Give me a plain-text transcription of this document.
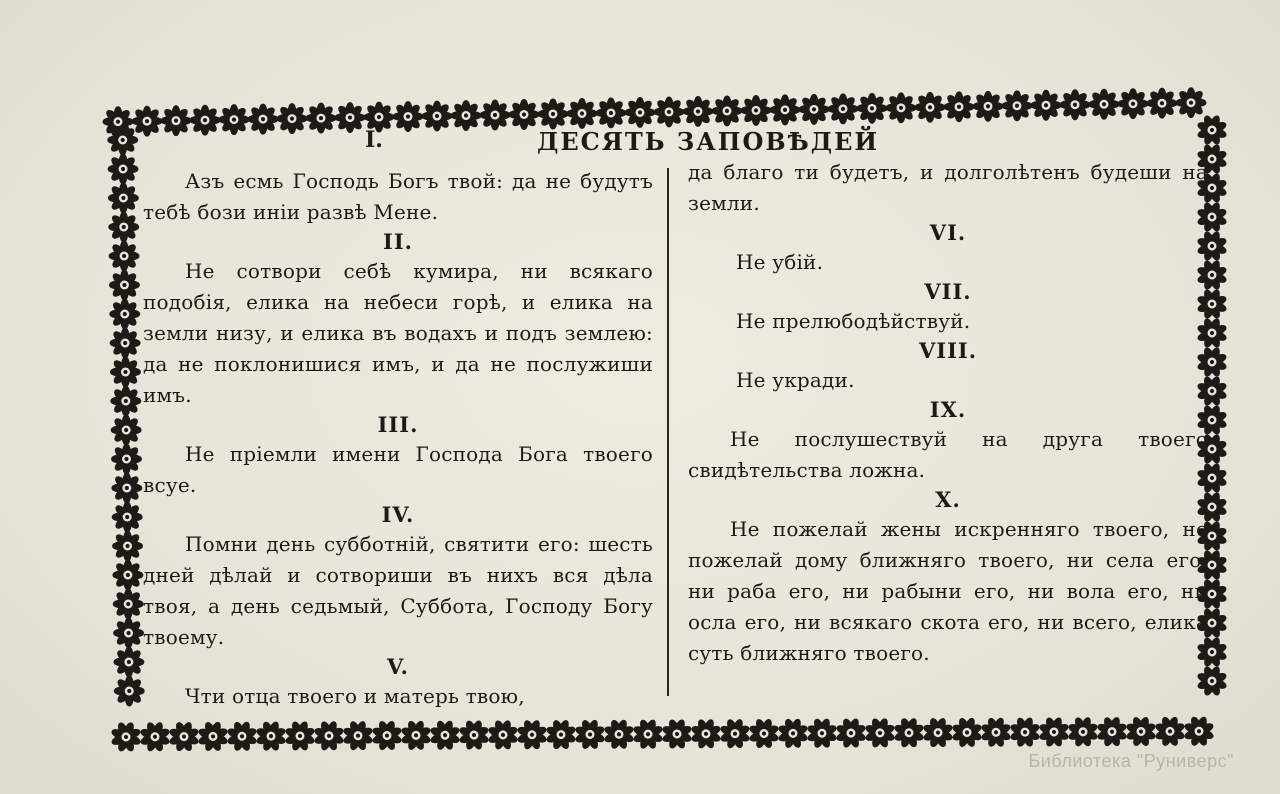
I.	ДЕСЯТЬ ЗАПОВѢДЕЙ

Азъ есмь Господь Богъ твой: да не будутъ тебѣ бози иніи развѣ Мене.

II.

Не сотвори себѣ кумира, ни всякаго подобія, елика на небеси горѣ, и елика на земли низу, и елика въ водахъ и подъ землею: да не поклонишися имъ, и да не послужиши имъ.

III.

Не пріемли имени Господа Бога твоего всуе.

IV.

Помни день субботній, святити его: шесть дней дѣлай и сотвориши въ нихъ вся дѣла твоя, а день седьмый, Суббота, Господу Богу твоему.

V.

Чти отца твоего и матерь твою,

да благо ти будетъ, и долголѣтенъ будеши на земли.

VI.

Не убій.

VII.

Не прелюбодѣйствуй.

VIII.

Не укради.

IX.

Не послушествуй на друга твоего свидѣтельства ложна.

X.

Не пожелай жены искренняго твоего, не пожелай дому ближняго твоего, ни села его, ни раба его, ни рабыни его, ни вола его, ни осла его, ни всякаго скота его, ни всего, елика суть ближняго твоего.

Библиотека "Руниверс"
